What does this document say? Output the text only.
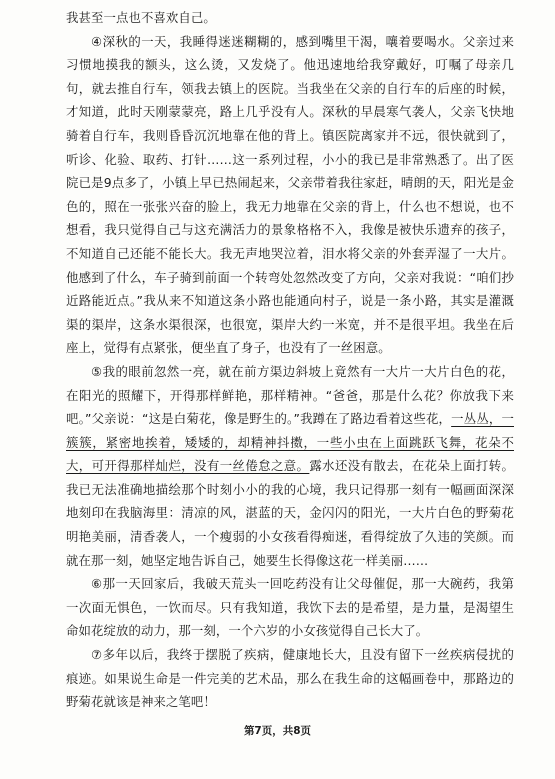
我甚至一点也不喜欢自己。

④深秋的一天，我睡得迷迷糊糊的，感到嘴里干渴，嚷着要喝水。父亲过来习惯地摸我的额头，这么烫，又发烧了。他迅速地给我穿戴好，叮嘱了母亲几句，就去推自行车，领我去镇上的医院。当我坐在父亲的自行车的后座的时候，才知道，此时天刚蒙蒙亮，路上几乎没有人。深秋的早晨寒气袭人，父亲飞快地骑着自行车，我则昏昏沉沉地靠在他的背上。镇医院离家并不远，很快就到了，听诊、化验、取药、打针……这一系列过程，小小的我已是非常熟悉了。出了医院已是9点多了，小镇上早已热闹起来，父亲带着我往家赶，晴朗的天，阳光是金色的，照在一张张兴奋的脸上，我无力地靠在父亲的背上，什么也不想说，也不想看，我只觉得自己与这充满活力的景象格格不入，我像是被快乐遗弃的孩子，不知道自己还能不能长大。我无声地哭泣着，泪水将父亲的外套弄湿了一大片。他感到了什么，车子骑到前面一个转弯处忽然改变了方向，父亲对我说：“咱们抄近路能近点。”我从来不知道这条小路也能通向村子，说是一条小路，其实是灌溉渠的渠岸，这条水渠很深，也很宽，渠岸大约一米宽，并不是很平坦。我坐在后座上，觉得有点紧张，便坐直了身子，也没有了一丝困意。

⑤我的眼前忽然一亮，就在前方渠边斜坡上竟然有一大片一大片白色的花，在阳光的照耀下，开得那样鲜艳，那样精神。“爸爸，那是什么花？你放我下来吧。”父亲说：“这是白菊花，像是野生的。”我蹲在了路边看着这些花，一丛丛，一簇簇，紧密地挨着，矮矮的，却精神抖擞，一些小虫在上面跳跃飞舞，花朵不大，可开得那样灿烂，没有一丝倦怠之意。露水还没有散去，在花朵上面打转。我已无法准确地描绘那个时刻小小的我的心境，我只记得那一刻有一幅画面深深地刻印在我脑海里：清凉的风，湛蓝的天，金闪闪的阳光，一大片白色的野菊花明艳美丽，清香袭人，一个瘦弱的小女孩看得痴迷，看得绽放了久违的笑颜。而就在那一刻，她坚定地告诉自己，她要生长得像这花一样美丽……

⑥那一天回家后，我破天荒头一回吃药没有让父母催促，那一大碗药，我第一次面无惧色，一饮而尽。只有我知道，我饮下去的是希望，是力量，是渴望生命如花绽放的动力，那一刻，一个六岁的小女孩觉得自己长大了。

⑦多年以后，我终于摆脱了疾病，健康地长大，且没有留下一丝疾病侵扰的痕迹。如果说生命是一件完美的艺术品，那么在我生命的这幅画卷中，那路边的野菊花就该是神来之笔吧！

第7页，共8页
